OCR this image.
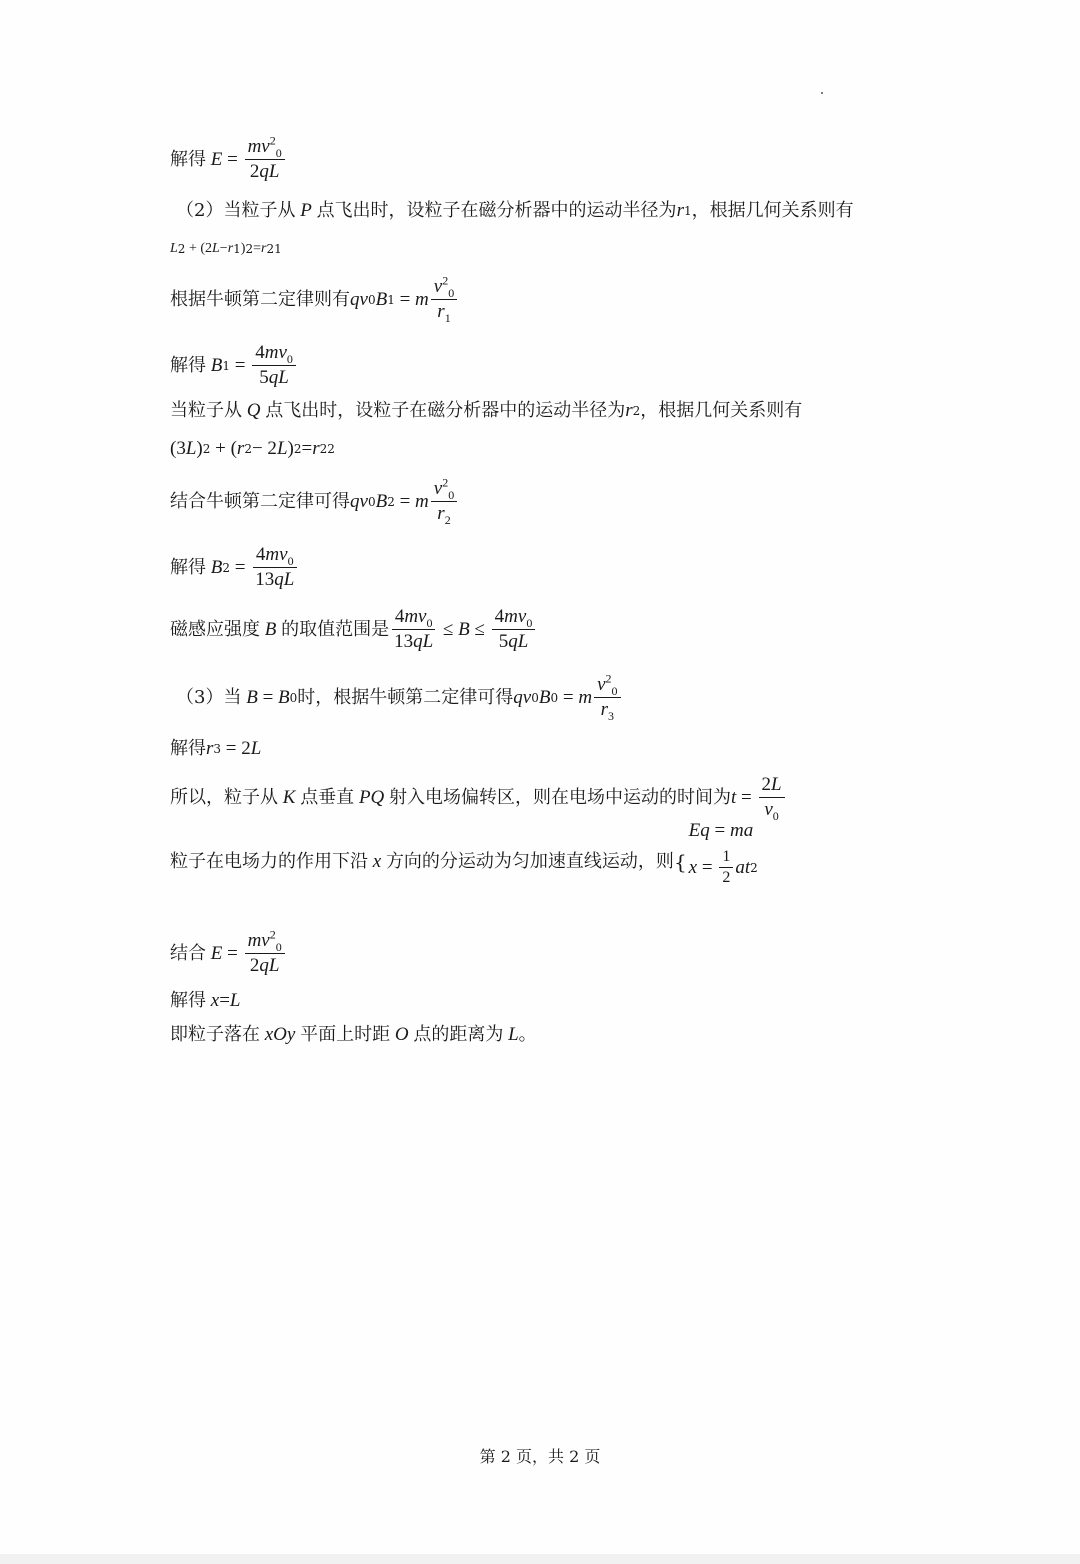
解得 $E = \frac{mv^2_0}{2qL}$
（2）当粒子从 P 点飞出时，设粒子在磁分析器中的运动半径为 r 1 ，根据几何关系则有
L 2 + (2 L − r 1 ) 2 = r 2 1
根据牛顿第二定律则有 qv 0 B 1 = m $\frac{v^2_0}{r_1}$
解得 B $1 = \frac{4mv_0}{5qL}$
当粒子从 Q 点飞出时，设粒子在磁分析器中的运动半径为 r 2 ，根据几何关系则有
(3 L ) 2 + ( r 2 − 2 L ) 2 = r 2 2
结合牛顿第二定律可得 qv 0 B 2 = m $\frac{v^2_0}{r_2}$
解得 B $2 = \frac{4mv_0}{13qL}$
磁感应强度 B 的取值范围是 $\frac{4mv_0}{13qL} \le B \le \frac{4mv_0}{5qL}$
（3）当 B = B 0 时，根据牛顿第二定律可得 qv 0 B 0 = m $\frac{v^2_0}{r_3}$
解得 r 3 = 2 L
所以，粒子从 K 点垂直 PQ 射入电场偏转区，则在电场中运动的时间为 $t = \frac{2L}{v_0}$
粒子在电场力的作用下沿 x 方向的分运动为匀加速直线运动，则 {
Eq = ma
$x = \frac{1}{2}$ at 2
结合 $E = \frac{mv^2_0}{2qL}$
解得 x = L
即粒子落在 xOy 平面上时距 O 点的距离为 L 。
第 2 页，共 2 页
